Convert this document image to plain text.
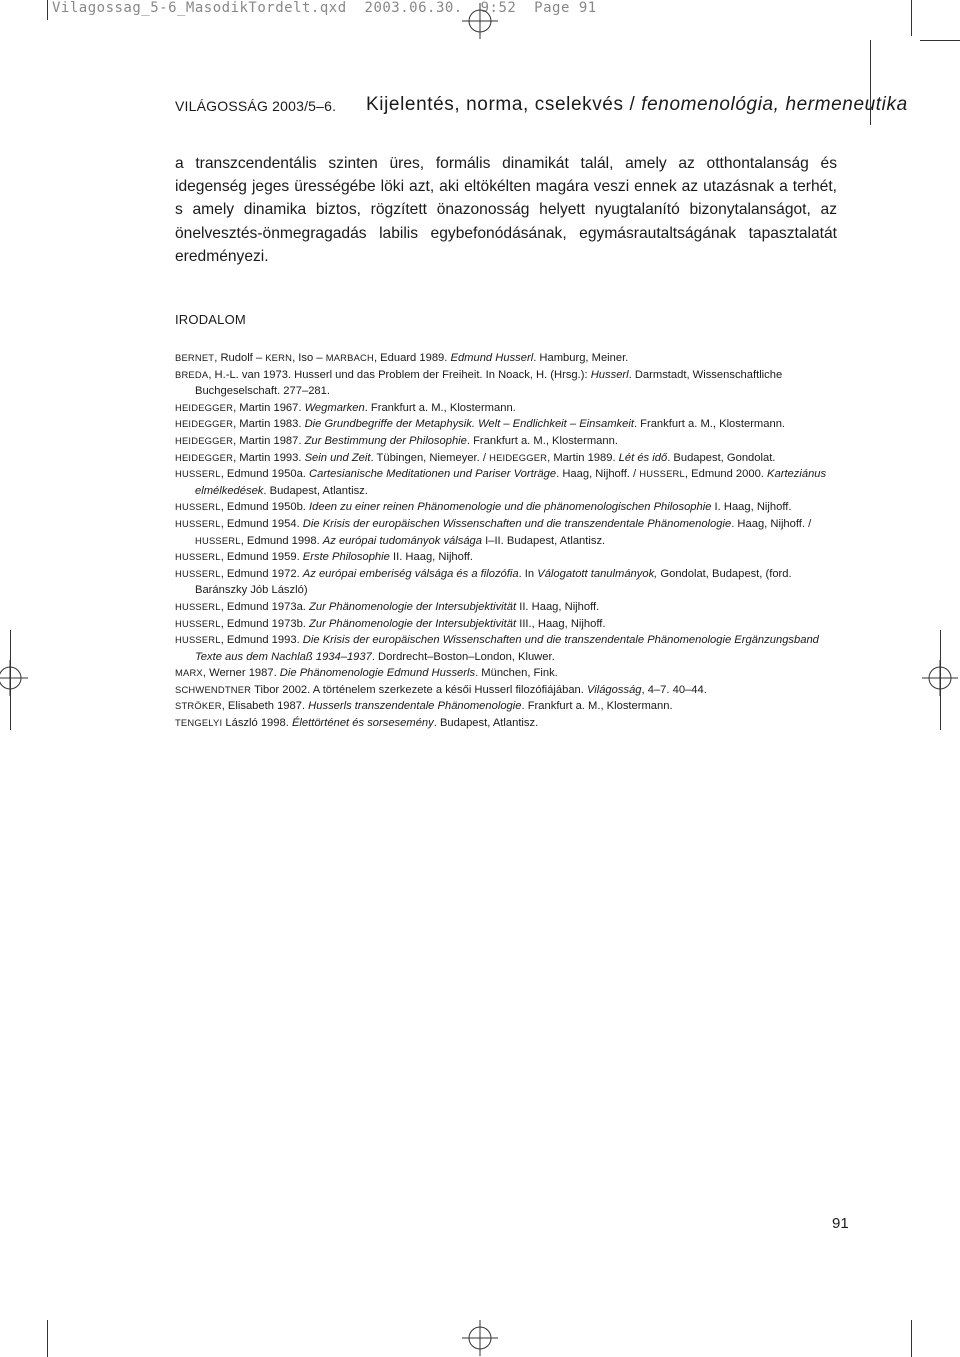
Vilagossag_5-6_MasodikTordelt.qxd 2003.06.30. 9:52 Page 91
VILÁGOSSÁG 2003/5–6. Kijelentés, norma, cselekvés / fenomenológia, hermeneutika
a transzcendentális szinten üres, formális dinamikát talál, amely az otthontalanság és idegenség jeges ürességébe löki azt, aki eltökélten magára veszi ennek az utazásnak a terhét, s amely dinamika biztos, rögzített önazonosság helyett nyugtalanító bizonytalanságot, az önelvesztés-önmegragadás labilis egybefonódásának, egymásrautaltságának tapasztalatát eredményezi.
IRODALOM
BERNET, Rudolf – KERN, Iso – MARBACH, Eduard 1989. Edmund Husserl. Hamburg, Meiner.
BREDA, H.-L. van 1973. Husserl und das Problem der Freiheit. In Noack, H. (Hrsg.): Husserl. Darmstadt, Wissenschaftliche Buchgeselschaft. 277–281.
HEIDEGGER, Martin 1967. Wegmarken. Frankfurt a. M., Klostermann.
HEIDEGGER, Martin 1983. Die Grundbegriffe der Metaphysik. Welt – Endlichkeit – Einsamkeit. Frankfurt a. M., Klostermann.
HEIDEGGER, Martin 1987. Zur Bestimmung der Philosophie. Frankfurt a. M., Klostermann.
HEIDEGGER, Martin 1993. Sein und Zeit. Tübingen, Niemeyer. / HEIDEGGER, Martin 1989. Lét és idő. Budapest, Gondolat.
HUSSERL, Edmund 1950a. Cartesianische Meditationen und Pariser Vorträge. Haag, Nijhoff. / HUSSERL, Edmund 2000. Karteziánus elmélkedések. Budapest, Atlantisz.
HUSSERL, Edmund 1950b. Ideen zu einer reinen Phänomenologie und die phänomenologischen Philosophie I. Haag, Nijhoff.
HUSSERL, Edmund 1954. Die Krisis der europäischen Wissenschaften und die transzendentale Phänomenologie. Haag, Nijhoff. / HUSSERL, Edmund 1998. Az európai tudományok válsága I–II. Budapest, Atlantisz.
HUSSERL, Edmund 1959. Erste Philosophie II. Haag, Nijhoff.
HUSSERL, Edmund 1972. Az európai emberiség válsága és a filozófia. In Válogatott tanulmányok, Gondolat, Budapest, (ford. Baránszky Jób László)
HUSSERL, Edmund 1973a. Zur Phänomenologie der Intersubjektivität II. Haag, Nijhoff.
HUSSERL, Edmund 1973b. Zur Phänomenologie der Intersubjektivität III., Haag, Nijhoff.
HUSSERL, Edmund 1993. Die Krisis der europäischen Wissenschaften und die transzendentale Phänomenologie Ergänzungsband Texte aus dem Nachlaß 1934–1937. Dordrecht–Boston–London, Kluwer.
MARX, Werner 1987. Die Phänomenologie Edmund Husserls. München, Fink.
SCHWENDTNER Tibor 2002. A történelem szerkezete a késői Husserl filozófiájában. Világosság, 4–7. 40–44.
STRÖKER, Elisabeth 1987. Husserls transzendentale Phänomenologie. Frankfurt a. M., Klostermann.
TENGELYI László 1998. Élettörténet és sorsesemény. Budapest, Atlantisz.
91
